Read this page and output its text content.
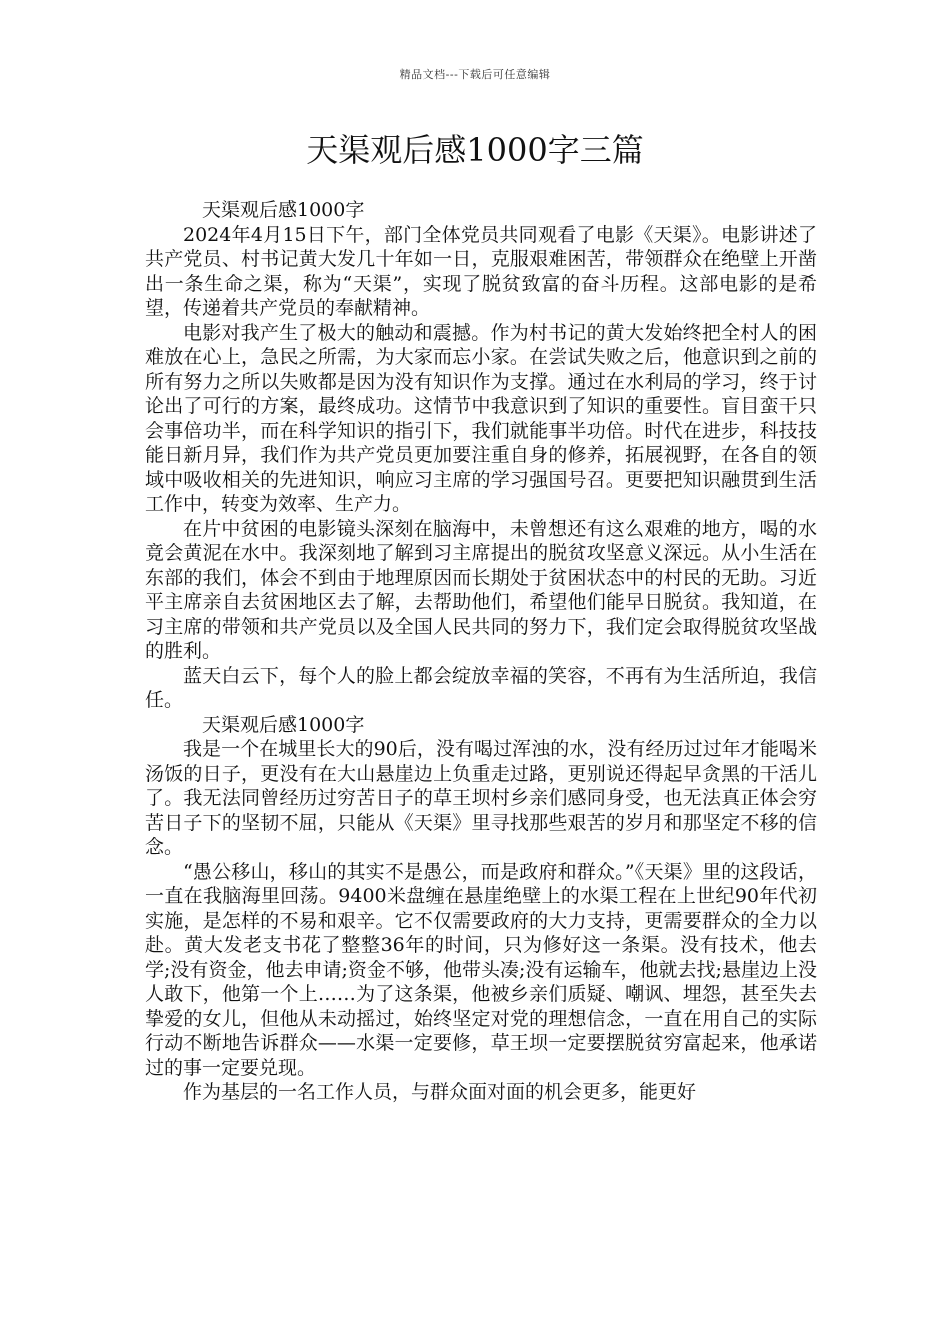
精品文档---下载后可任意编辑
天渠观后感1000字三篇

天渠观后感1000字

2024年4月15日下午，部门全体党员共同观看了电影《天渠》。电影讲述了共产党员、村书记黄大发几十年如一日，克服艰难困苦，带领群众在绝壁上开凿出一条生命之渠，称为“天渠”，实现了脱贫致富的奋斗历程。这部电影的是希望，传递着共产党员的奉献精神。

电影对我产生了极大的触动和震撼。作为村书记的黄大发始终把全村人的困难放在心上，急民之所需，为大家而忘小家。在尝试失败之后，他意识到之前的所有努力之所以失败都是因为没有知识作为支撑。通过在水利局的学习，终于讨论出了可行的方案，最终成功。这情节中我意识到了知识的重要性。盲目蛮干只会事倍功半，而在科学知识的指引下，我们就能事半功倍。时代在进步，科技技能日新月异，我们作为共产党员更加要注重自身的修养，拓展视野，在各自的领域中吸收相关的先进知识，响应习主席的学习强国号召。更要把知识融贯到生活工作中，转变为效率、生产力。

在片中贫困的电影镜头深刻在脑海中，未曾想还有这么艰难的地方，喝的水竟会黄泥在水中。我深刻地了解到习主席提出的脱贫攻坚意义深远。从小生活在东部的我们，体会不到由于地理原因而长期处于贫困状态中的村民的无助。习近平主席亲自去贫困地区去了解，去帮助他们，希望他们能早日脱贫。我知道，在习主席的带领和共产党员以及全国人民共同的努力下，我们定会取得脱贫攻坚战的胜利。

蓝天白云下，每个人的脸上都会绽放幸福的笑容，不再有为生活所迫，我信任。

天渠观后感1000字

我是一个在城里长大的90后，没有喝过浑浊的水，没有经历过过年才能喝米汤饭的日子，更没有在大山悬崖边上负重走过路，更别说还得起早贪黑的干活儿了。我无法同曾经历过穷苦日子的草王坝村乡亲们感同身受，也无法真正体会穷苦日子下的坚韧不屈，只能从《天渠》里寻找那些艰苦的岁月和那坚定不移的信念。

“愚公移山，移山的其实不是愚公，而是政府和群众。”《天渠》里的这段话，一直在我脑海里回荡。9400米盘缠在悬崖绝壁上的水渠工程在上世纪90年代初实施，是怎样的不易和艰辛。它不仅需要政府的大力支持，更需要群众的全力以赴。黄大发老支书花了整整36年的时间，只为修好这一条渠。没有技术，他去学;没有资金，他去申请;资金不够，他带头凑;没有运输车，他就去找;悬崖边上没人敢下，他第一个上……为了这条渠，他被乡亲们质疑、嘲讽、埋怨，甚至失去挚爱的女儿，但他从未动摇过，始终坚定对党的理想信念，一直在用自己的实际行动不断地告诉群众——水渠一定要修，草王坝一定要摆脱贫穷富起来，他承诺过的事一定要兑现。

作为基层的一名工作人员，与群众面对面的机会更多，能更好
